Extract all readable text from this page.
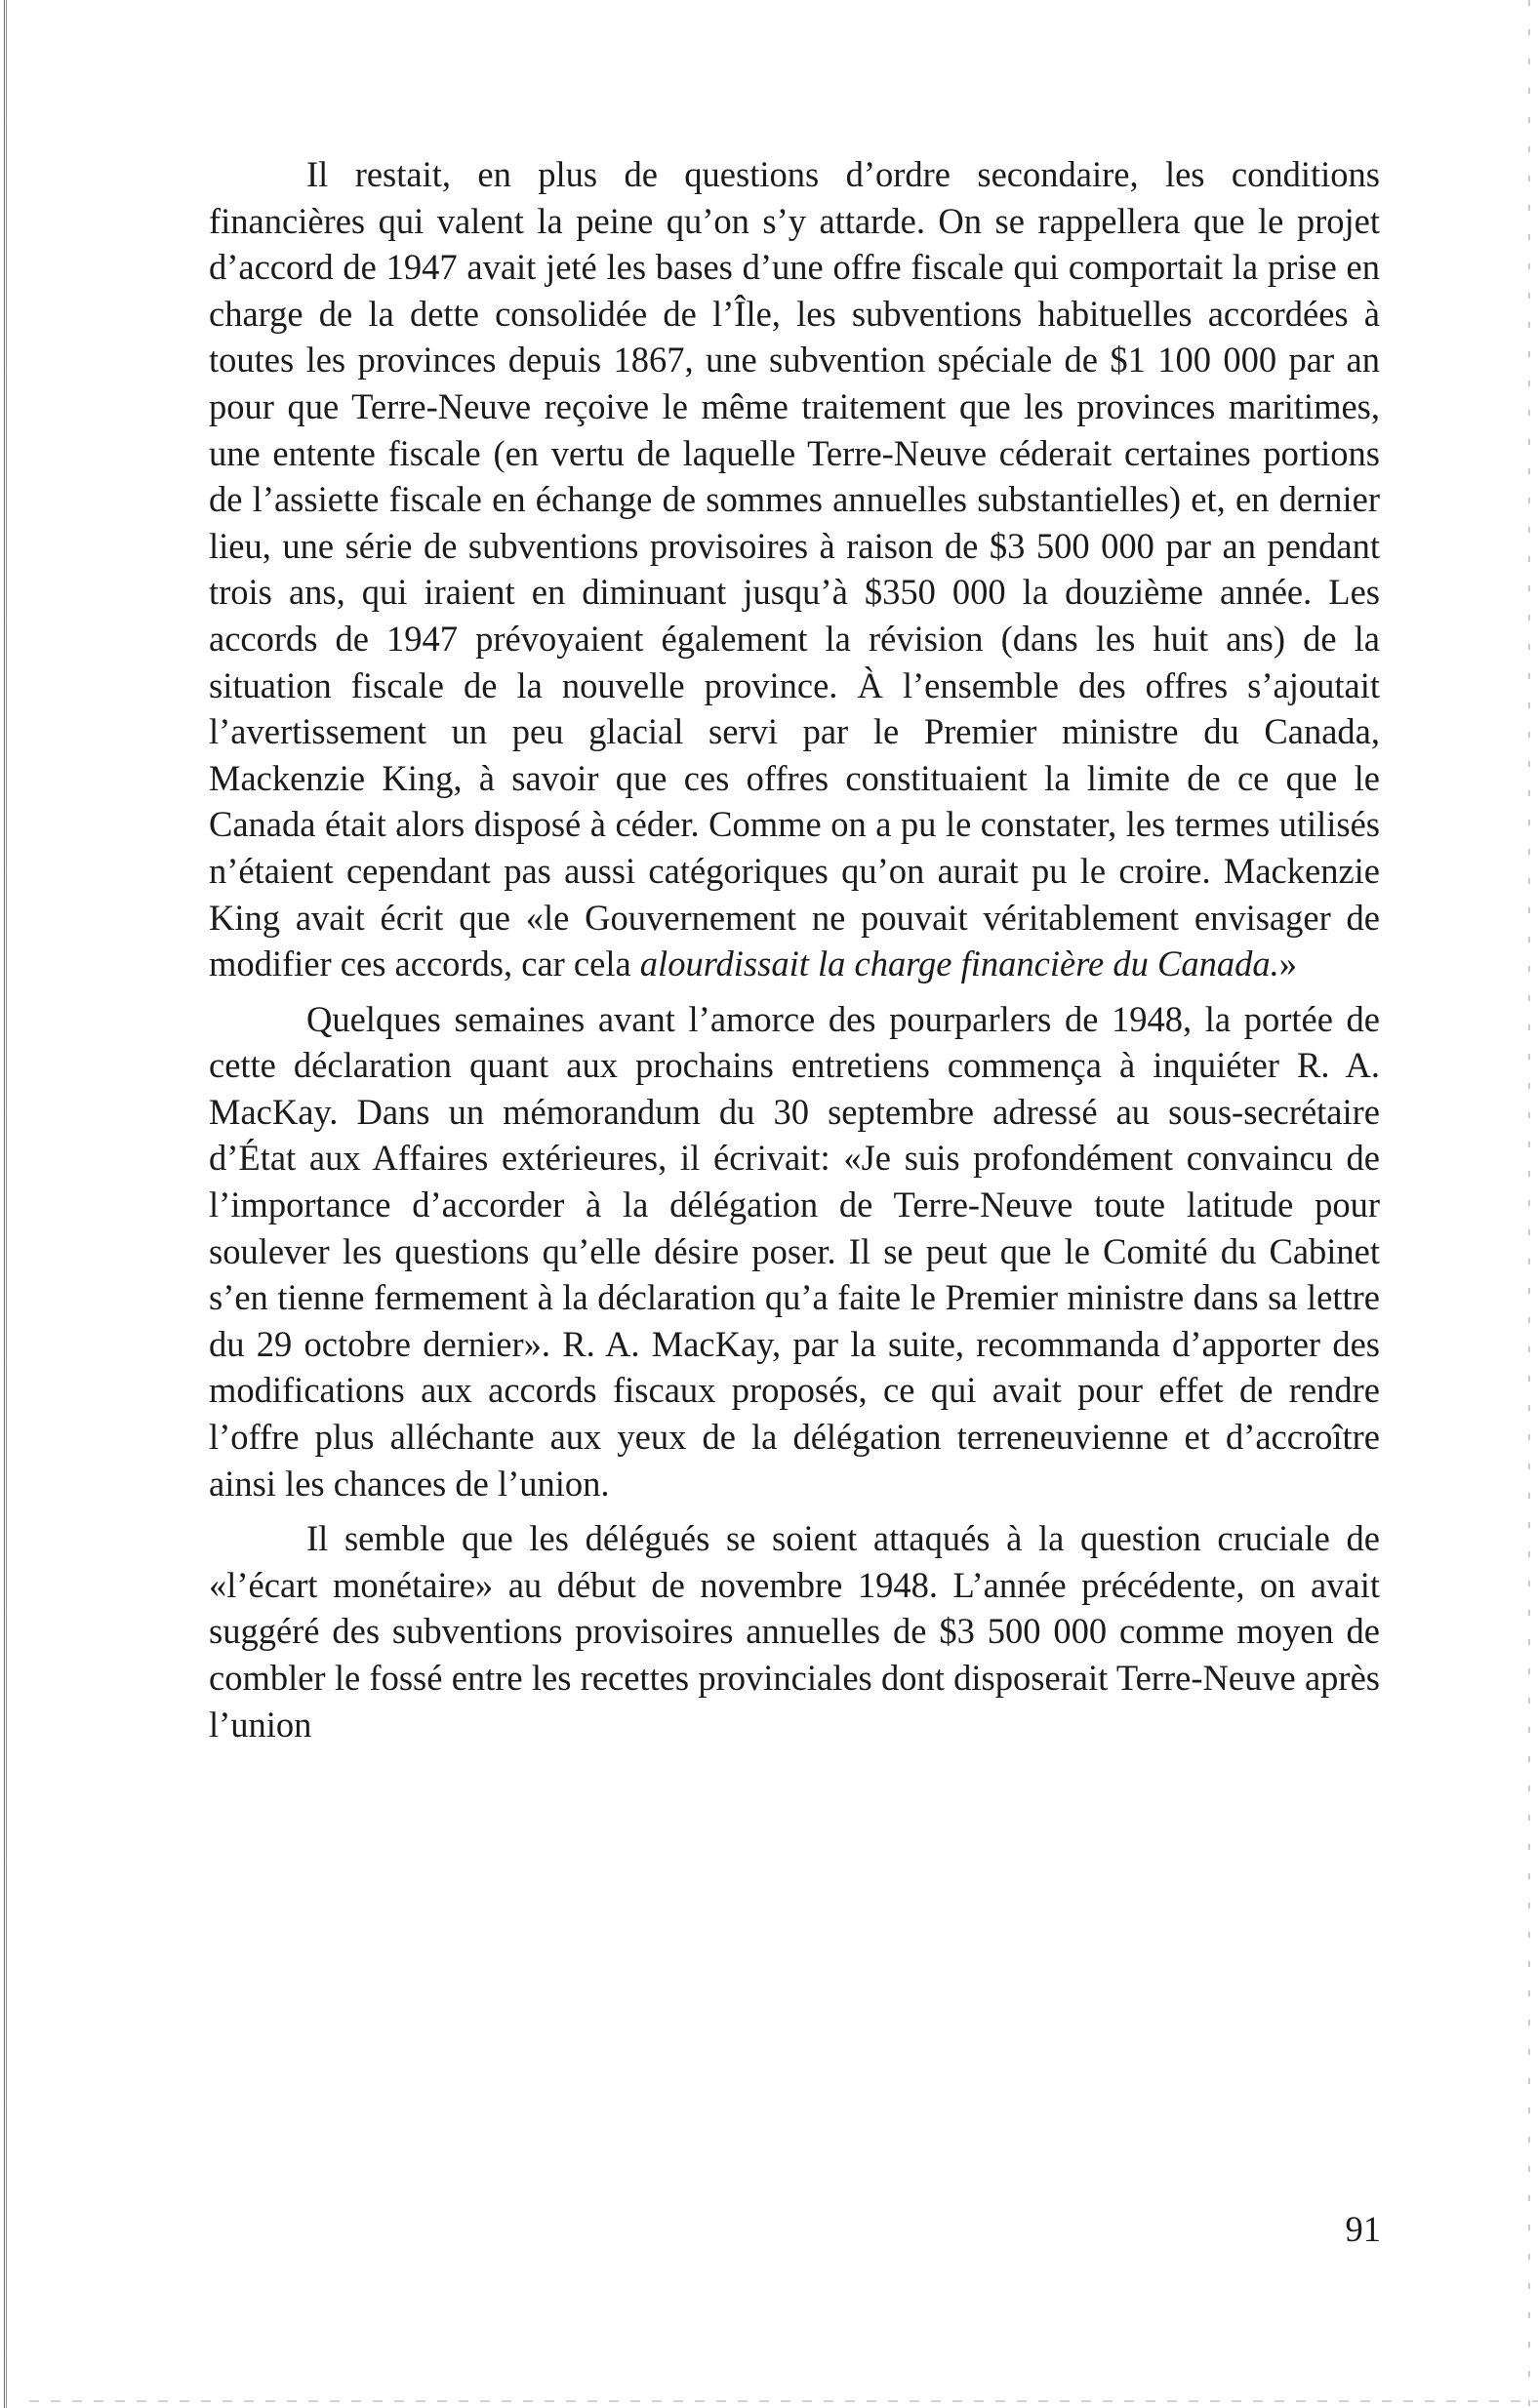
Il restait, en plus de questions d’ordre secondaire, les conditions financières qui valent la peine qu’on s’y attarde. On se rappellera que le projet d’accord de 1947 avait jeté les bases d’une offre fiscale qui comportait la prise en charge de la dette consolidée de l’Île, les subventions habituelles accordées à toutes les provinces depuis 1867, une subvention spéciale de $1 100 000 par an pour que Terre-Neuve reçoive le même traitement que les provinces maritimes, une entente fiscale (en vertu de laquelle Terre-Neuve céderait certaines portions de l’assiette fiscale en échange de sommes annuelles substantielles) et, en dernier lieu, une série de subventions provisoires à raison de $3 500 000 par an pendant trois ans, qui iraient en diminuant jusqu’à $350 000 la douzième année. Les accords de 1947 prévoyaient également la révision (dans les huit ans) de la situation fiscale de la nouvelle province. À l’ensemble des offres s’ajoutait l’avertissement un peu glacial servi par le Premier ministre du Canada, Mackenzie King, à savoir que ces offres constituaient la limite de ce que le Canada était alors disposé à céder. Comme on a pu le constater, les termes utilisés n’étaient cependant pas aussi catégoriques qu’on aurait pu le croire. Mackenzie King avait écrit que «le Gouvernement ne pouvait véritablement envisager de modifier ces accords, car cela alourdissait la charge financière du Canada.»

Quelques semaines avant l’amorce des pourparlers de 1948, la portée de cette déclaration quant aux prochains entretiens commença à inquiéter R. A. MacKay. Dans un mémorandum du 30 septembre adressé au sous-secrétaire d’État aux Affaires extérieures, il écrivait: «Je suis profondément convaincu de l’importance d’accorder à la délégation de Terre-Neuve toute latitude pour soulever les questions qu’elle désire poser. Il se peut que le Comité du Cabinet s’en tienne fermement à la déclaration qu’a faite le Premier ministre dans sa lettre du 29 octobre dernier». R. A. MacKay, par la suite, recommanda d’apporter des modifications aux accords fiscaux proposés, ce qui avait pour effet de rendre l’offre plus alléchante aux yeux de la délégation terreneuvienne et d’accroître ainsi les chances de l’union.

Il semble que les délégués se soient attaqués à la question cruciale de «l’écart monétaire» au début de novembre 1948. L’année précédente, on avait suggéré des subventions provisoires annuelles de $3 500 000 comme moyen de combler le fossé entre les recettes provinciales dont disposerait Terre-Neuve après l’union

91
